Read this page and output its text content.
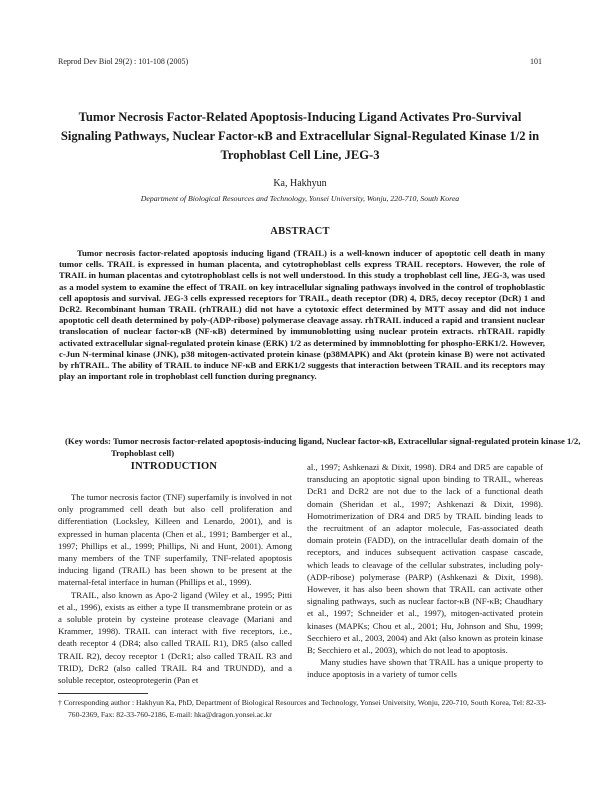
Reprod Dev Biol 29(2) : 101-108 (2005)	101
Tumor Necrosis Factor-Related Apoptosis-Inducing Ligand Activates Pro-Survival Signaling Pathways, Nuclear Factor-κB and Extracellular Signal-Regulated Kinase 1/2 in Trophoblast Cell Line, JEG-3
Ka, Hakhyun
Department of Biological Resources and Technology, Yonsei University, Wonju, 220-710, South Korea
ABSTRACT

Tumor necrosis factor-related apoptosis inducing ligand (TRAIL) is a well-known inducer of apoptotic cell death in many tumor cells. TRAIL is expressed in human placenta, and cytotrophoblast cells express TRAIL receptors. However, the role of TRAIL in human placentas and cytotrophoblast cells is not well understood. In this study a trophoblast cell line, JEG-3, was used as a model system to examine the effect of TRAIL on key intracellular signaling pathways involved in the control of trophoblastic cell apoptosis and survival. JEG-3 cells expressed receptors for TRAIL, death receptor (DR) 4, DR5, decoy receptor (DcR) 1 and DcR2. Recombinant human TRAIL (rhTRAIL) did not have a cytotoxic effect determined by MTT assay and did not induce apoptotic cell death determined by poly-(ADP-ribose) polymerase cleavage assay. rhTRAIL induced a rapid and transient nuclear translocation of nuclear factor-κB (NF-κB) determined by immunoblotting using nuclear protein extracts. rhTRAIL rapidly activated extracellular signal-regulated protein kinase (ERK) 1/2 as determined by immnoblotting for phospho-ERK1/2. However, c-Jun N-terminal kinase (JNK), p38 mitogen-activated protein kinase (p38MAPK) and Akt (protein kinase B) were not activated by rhTRAIL. The ability of TRAIL to induce NF-κB and ERK1/2 suggests that interaction between TRAIL and its receptors may play an important role in trophoblast cell function during pregnancy.

(Key words: Tumor necrosis factor-related apoptosis-inducing ligand, Nuclear factor-κB, Extracellular signal-regulated protein kinase 1/2, Trophoblast cell)

INTRODUCTION

The tumor necrosis factor (TNF) superfamily is involved in not only programmed cell death but also cell proliferation and differentiation (Locksley, Killeen and Lenardo, 2001), and is expressed in human placenta (Chen et al., 1991; Bamberger et al., 1997; Phillips et al., 1999; Phillips, Ni and Hunt, 2001). Among many members of the TNF superfamily, TNF-related apoptosis inducing ligand (TRAIL) has been shown to be present at the maternal-fetal interface in human (Phillips et al., 1999).

TRAIL, also known as Apo-2 ligand (Wiley et al., 1995; Pitti et al., 1996), exists as either a type II transmembrane protein or as a soluble protein by cysteine protease cleavage (Mariani and Krammer, 1998). TRAIL can interact with five receptors, i.e., death receptor 4 (DR4; also called TRAIL R1), DR5 (also called TRAIL R2), decoy receptor 1 (DcR1; also called TRAIL R3 and TRID), DcR2 (also called TRAIL R4 and TRUNDD), and a soluble receptor, osteoprotegerin (Pan et

al., 1997; Ashkenazi & Dixit, 1998). DR4 and DR5 are capable of transducing an apoptotic signal upon binding to TRAIL, whereas DcR1 and DcR2 are not due to the lack of a functional death domain (Sheridan et al., 1997; Ashkenazi & Dixit, 1998). Homotrimerization of DR4 and DR5 by TRAIL binding leads to the recruitment of an adaptor molecule, Fas-associated death domain protein (FADD), on the intracellular death domain of the receptors, and induces subsequent activation caspase cascade, which leads to cleavage of the cellular substrates, including poly-(ADP-ribose) polymerase (PARP) (Ashkenazi & Dixit, 1998). However, it has also been shown that TRAIL can activate other signaling pathways, such as nuclear factor-κB (NF-κB; Chaudhary et al., 1997; Schneider et al., 1997), mitogen-activated protein kinases (MAPKs; Chou et al., 2001; Hu, Johnson and Shu, 1999; Secchiero et al., 2003, 2004) and Akt (also known as protein kinase B; Secchiero et al., 2003), which do not lead to apoptosis.

Many studies have shown that TRAIL has a unique property to induce apoptosis in a variety of tumor cells

† Corresponding author : Hakhyun Ka, PhD, Department of Biological Resources and Technology, Yonsei University, Wonju, 220-710, South Korea, Tel: 82-33-760-2369, Fax: 82-33-760-2186, E-mail: hka@dragon.yonsei.ac.kr
